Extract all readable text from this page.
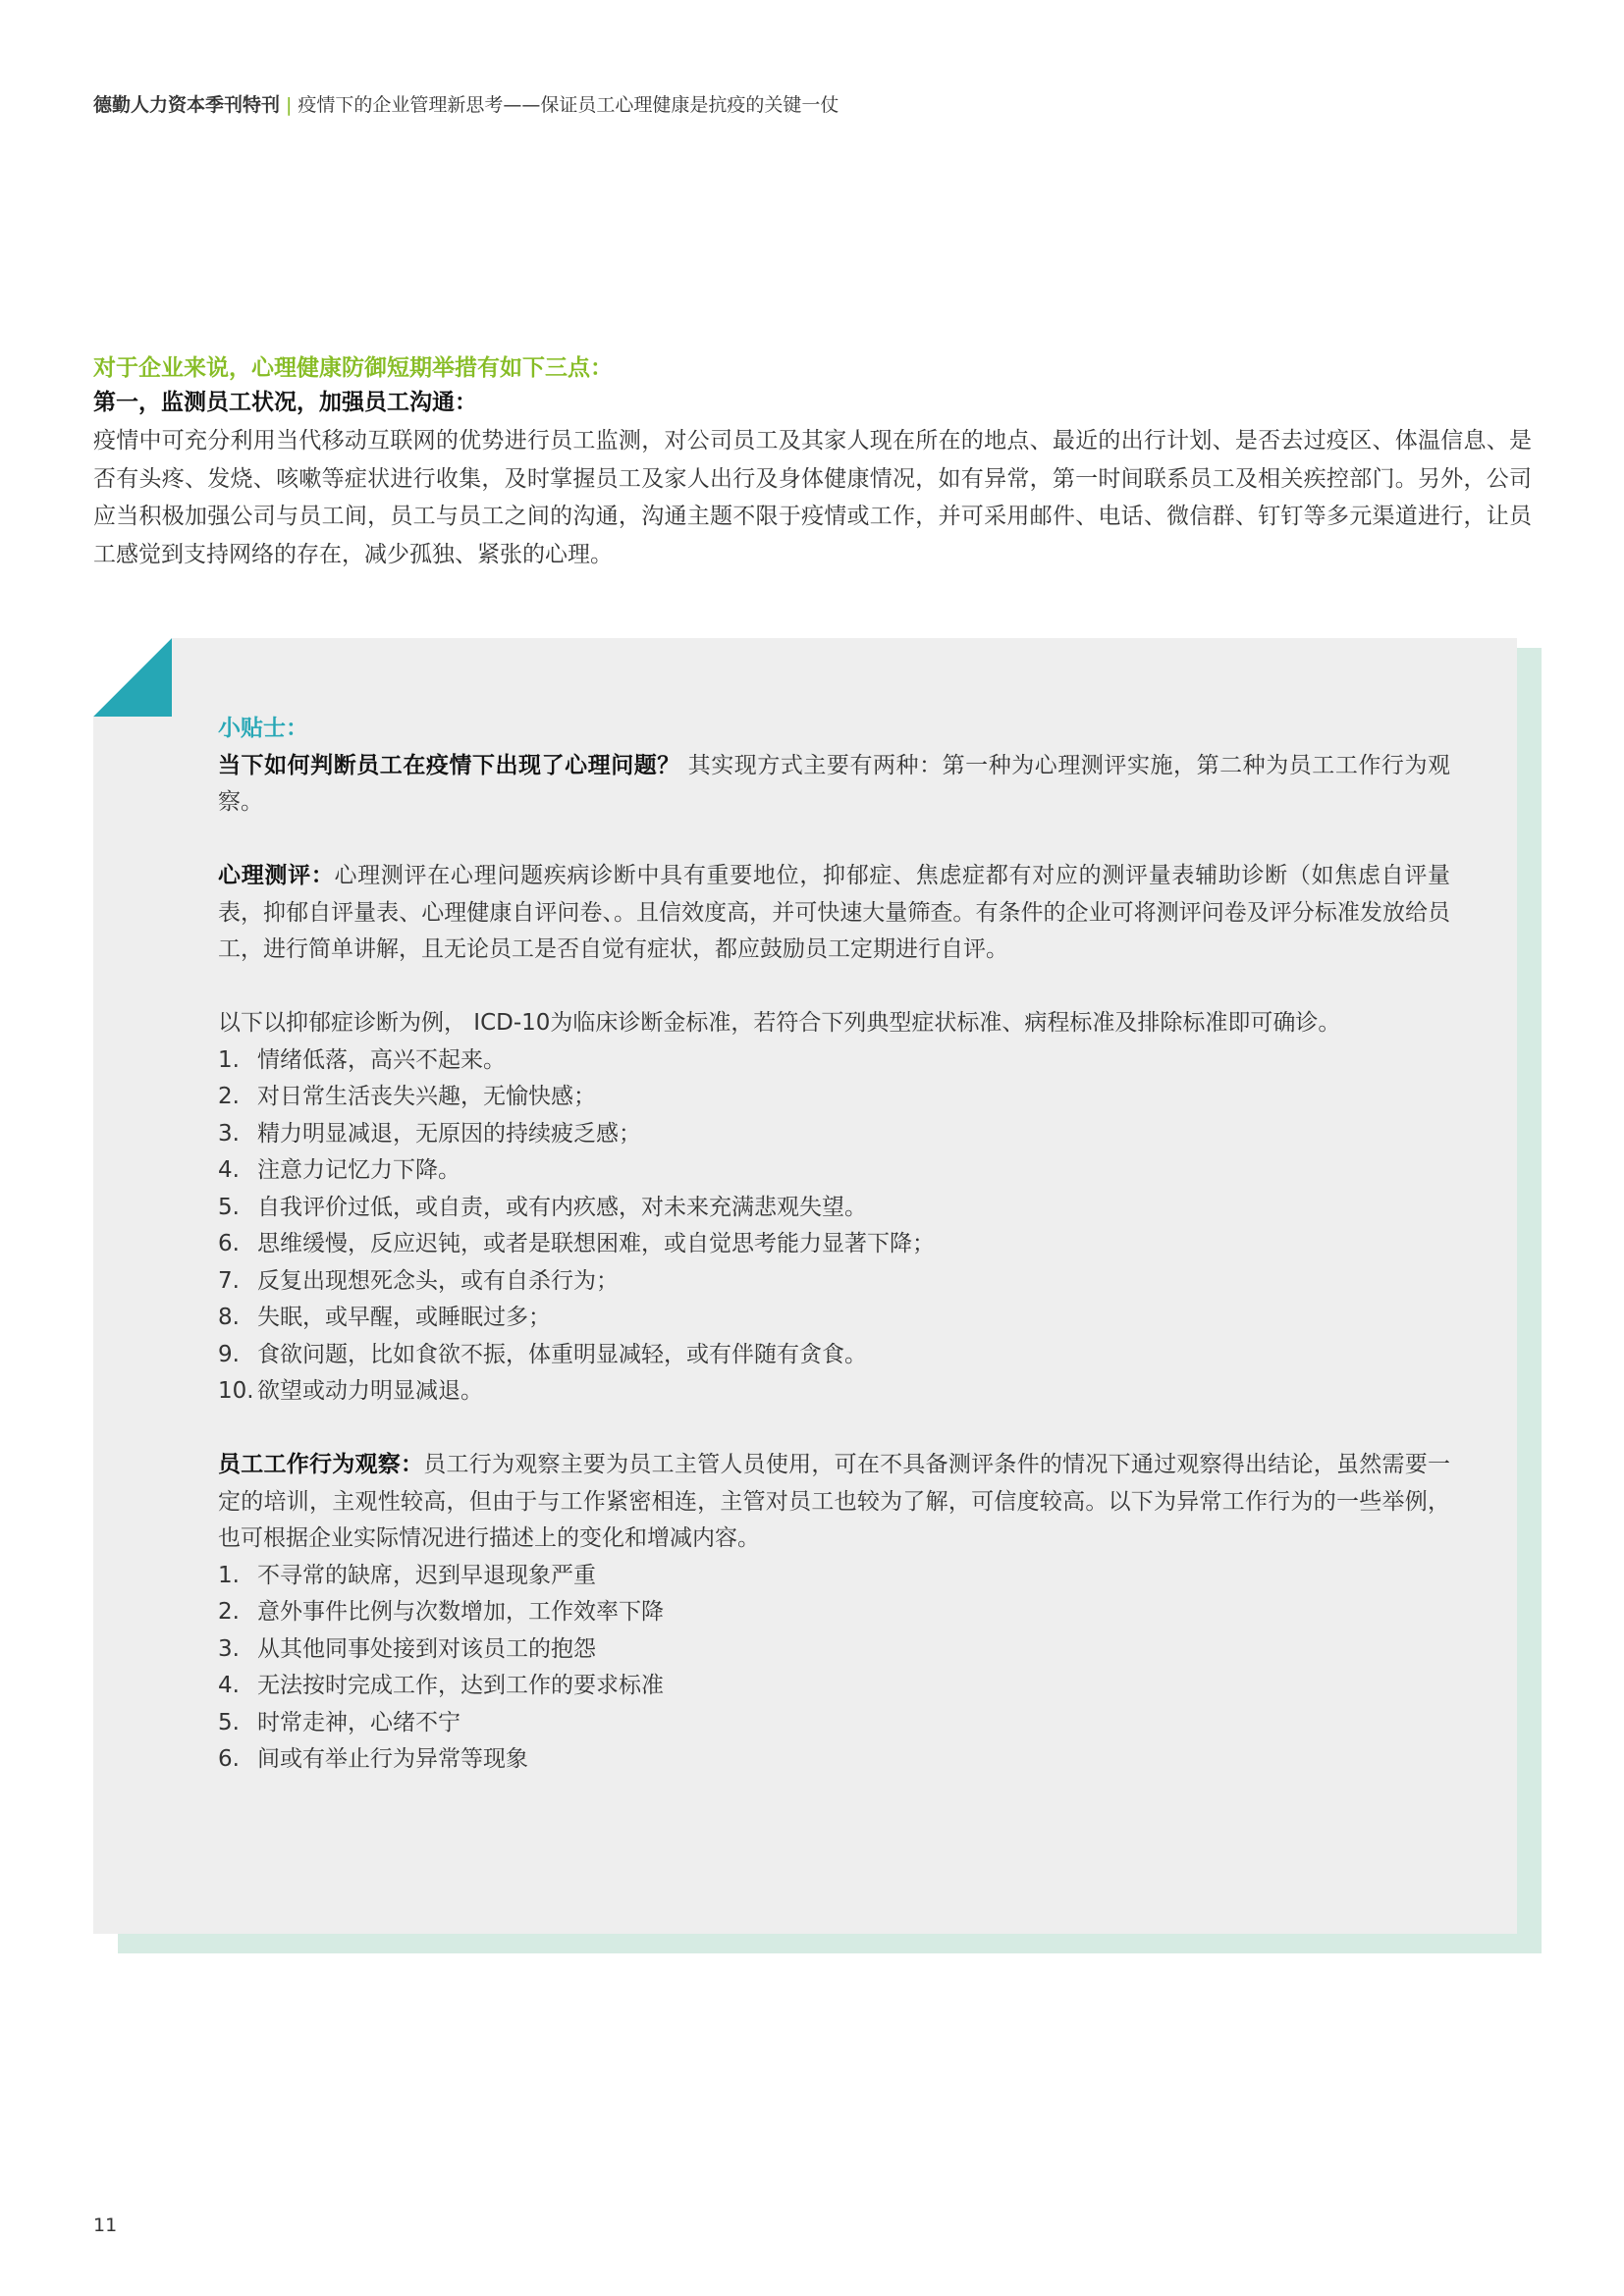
德勤人力资本季刊特刊 | 疫情下的企业管理新思考——保证员工心理健康是抗疫的关键一仗
对于企业来说，心理健康防御短期举措有如下三点：
第一，监测员工状况，加强员工沟通：

疫情中可充分利用当代移动互联网的优势进行员工监测，对公司员工及其家人现在所在的地点、最近的出行计划、是否去过疫区、体温信息、是否有头疼、发烧、咳嗽等症状进行收集，及时掌握员工及家人出行及身体健康情况，如有异常，第一时间联系员工及相关疾控部门。另外，公司应当积极加强公司与员工间，员工与员工之间的沟通，沟通主题不限于疫情或工作，并可采用邮件、电话、微信群、钉钉等多元渠道进行，让员工感觉到支持网络的存在，减少孤独、紧张的心理。

小贴士：

当下如何判断员工在疫情下出现了心理问题？ 其实现方式主要有两种：第一种为心理测评实施，第二种为员工工作行为观察。

心理测评：心理测评在心理问题疾病诊断中具有重要地位，抑郁症、焦虑症都有对应的测评量表辅助诊断（如焦虑自评量表，抑郁自评量表、心理健康自评问卷、。且信效度高，并可快速大量筛查。有条件的企业可将测评问卷及评分标准发放给员工，进行简单讲解，且无论员工是否自觉有症状，都应鼓励员工定期进行自评。

以下以抑郁症诊断为例， ICD-10为临床诊断金标准，若符合下列典型症状标准、病程标准及排除标准即可确诊。

1. 情绪低落，高兴不起来。
2. 对日常生活丧失兴趣，无愉快感；
3. 精力明显减退，无原因的持续疲乏感；
4. 注意力记忆力下降。
5. 自我评价过低，或自责，或有内疚感，对未来充满悲观失望。
6. 思维缓慢，反应迟钝，或者是联想困难，或自觉思考能力显著下降；
7. 反复出现想死念头，或有自杀行为；
8. 失眠，或早醒，或睡眠过多；
9. 食欲问题，比如食欲不振，体重明显减轻，或有伴随有贪食。
10. 欲望或动力明显减退。

员工工作行为观察：员工行为观察主要为员工主管人员使用，可在不具备测评条件的情况下通过观察得出结论，虽然需要一定的培训，主观性较高，但由于与工作紧密相连，主管对员工也较为了解，可信度较高。以下为异常工作行为的一些举例，也可根据企业实际情况进行描述上的变化和增减内容。

1. 不寻常的缺席，迟到早退现象严重
2. 意外事件比例与次数增加，工作效率下降
3. 从其他同事处接到对该员工的抱怨
4. 无法按时完成工作，达到工作的要求标准
5. 时常走神，心绪不宁
6. 间或有举止行为异常等现象
11
